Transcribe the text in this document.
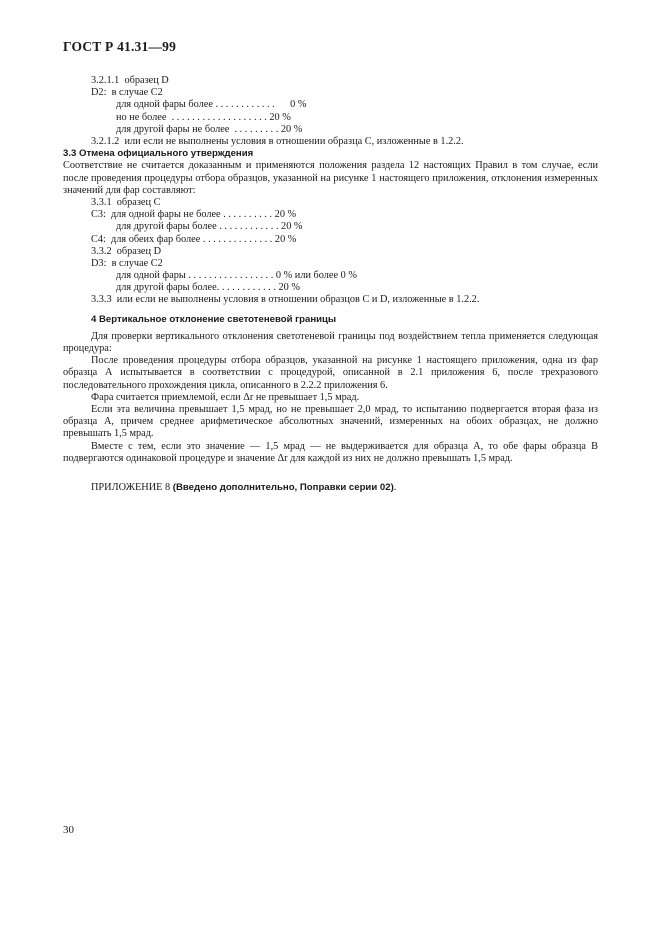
ГОСТ Р 41.31—99
3.2.1.1  образец D
D2:  в случае C2
для одной фары более . . . . . . . . . . . .      0 %
но не более  . . . . . . . . . . . . . . . . . . . 20 %
для другой фары не более  . . . . . . . . . 20 %
3.2.1.2  или если не выполнены условия в отношении образца С, изложенные в 1.2.2.
3.3 Отмена официального утверждения

Соответствие не считается доказанным и применяются положения раздела 12 настоящих Правил в том случае, если после проведения процедуры отбора образцов, указанной на рисунке 1 настоящего приложения, отклонения измеренных значений для фар составляют:

3.3.1  образец С
C3:  для одной фары не более . . . . . . . . . . 20 %
для другой фары более . . . . . . . . . . . . 20 %
C4:  для обеих фар более . . . . . . . . . . . . . . 20 %
3.3.2  образец D
D3:  в случае C2
для одной фары . . . . . . . . . . . . . . . . . 0 % или более 0 %
для другой фары более. . . . . . . . . . . . 20 %
3.3.3  или если не выполнены условия в отношении образцов С и D, изложенные в 1.2.2.
4 Вертикальное отклонение светотеневой границы

Для проверки вертикального отклонения светотеневой границы под воздействием тепла применяется следующая процедура:

После проведения процедуры отбора образцов, указанной на рисунке 1 настоящего приложения, одна из фар образца А испытывается в соответствии с процедурой, описанной в 2.1 приложения 6, после трехразового последовательного прохождения цикла, описанного в 2.2.2 приложения 6.

Фара считается приемлемой, если Δr не превышает 1,5 мрад.

Если эта величина превышает 1,5 мрад, но не превышает 2,0 мрад, то испытанию подвергается вторая фаза из образца А, причем среднее арифметическое абсолютных значений, измеренных на обоих образцах, не должно превышать 1,5 мрад.

Вместе с тем, если это значение — 1,5 мрад — не выдерживается для образца А, то обе фары образца В подвергаются одинаковой процедуре и значение Δr для каждой из них не должно превышать 1,5 мрад.

ПРИЛОЖЕНИЕ 8 (Введено дополнительно, Поправки серии 02).
30
